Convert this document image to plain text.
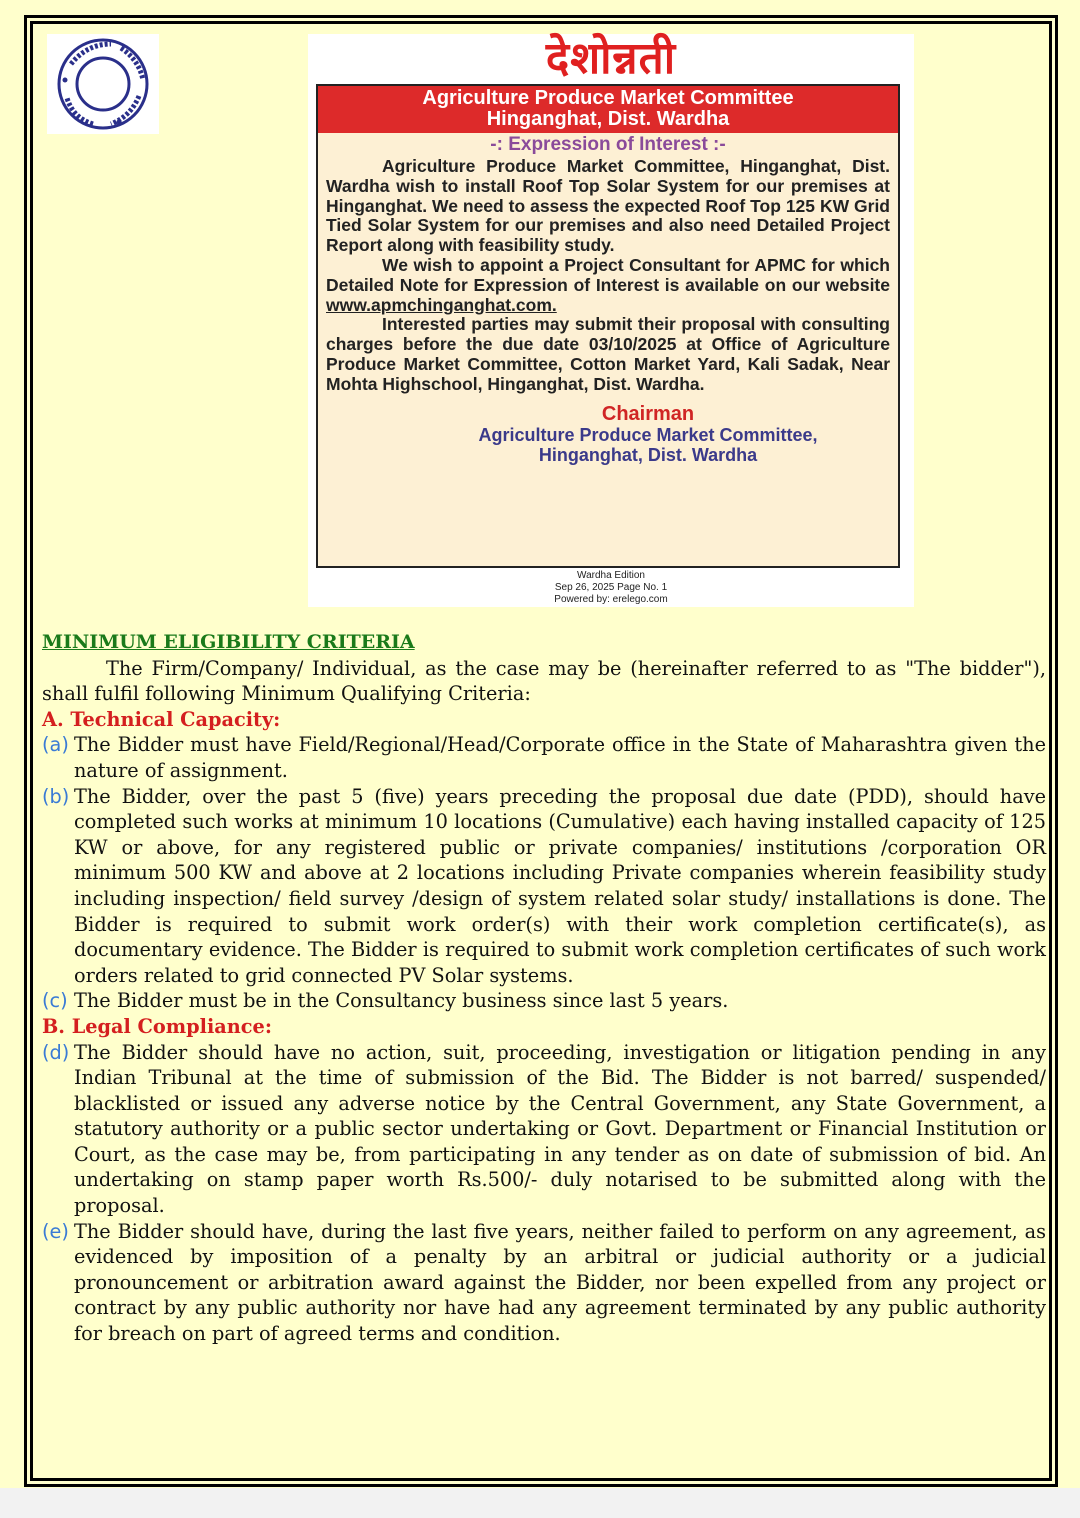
देशोन्नती
Agriculture Produce Market Committee
Hinganghat, Dist. Wardha
-: Expression of Interest :-

Agriculture Produce Market Committee, Hinganghat, Dist. Wardha wish to install Roof Top Solar System for our premises at Hinganghat. We need to assess the expected Roof Top 125 KW Grid Tied Solar System for our premises and also need Detailed Project Report along with feasibility study.

We wish to appoint a Project Consultant for APMC for which Detailed Note for Expression of Interest is available on our website www.apmchinganghat.com.

Interested parties may submit their proposal with consulting charges before the due date 03/10/2025 at Office of Agriculture Produce Market Committee, Cotton Market Yard, Kali Sadak, Near Mohta Highschool, Hinganghat, Dist. Wardha.

Chairman
Agriculture Produce Market Committee,
Hinganghat, Dist. Wardha
Wardha Edition
Sep 26, 2025 Page No. 1
Powered by: erelego.com
MINIMUM ELIGIBILITY CRITERIA

The Firm/Company/ Individual, as the case may be (hereinafter referred to as "The bidder"), shall fulfil following Minimum Qualifying Criteria:

A. Technical Capacity:
(a) The Bidder must have Field/Regional/Head/Corporate office in the State of Maharashtra given the nature of assignment.
(b) The Bidder, over the past 5 (five) years preceding the proposal due date (PDD), should have completed such works at minimum 10 locations (Cumulative) each having installed capacity of 125 KW or above, for any registered public or private companies/ institutions /corporation OR minimum 500 KW and above at 2 locations including Private companies wherein feasibility study including inspection/ field survey /design of system related solar study/ installations is done. The Bidder is required to submit work order(s) with their work completion certificate(s), as documentary evidence. The Bidder is required to submit work completion certificates of such work orders related to grid connected PV Solar systems.
(c) The Bidder must be in the Consultancy business since last 5 years.
B. Legal Compliance:
(d) The Bidder should have no action, suit, proceeding, investigation or litigation pending in any Indian Tribunal at the time of submission of the Bid. The Bidder is not barred/ suspended/ blacklisted or issued any adverse notice by the Central Government, any State Government, a statutory authority or a public sector undertaking or Govt. Department or Financial Institution or Court, as the case may be, from participating in any tender as on date of submission of bid. An undertaking on stamp paper worth Rs.500/- duly notarised to be submitted along with the proposal.
(e) The Bidder should have, during the last five years, neither failed to perform on any agreement, as evidenced by imposition of a penalty by an arbitral or judicial authority or a judicial pronouncement or arbitration award against the Bidder, nor been expelled from any project or contract by any public authority nor have had any agreement terminated by any public authority for breach on part of agreed terms and condition.
